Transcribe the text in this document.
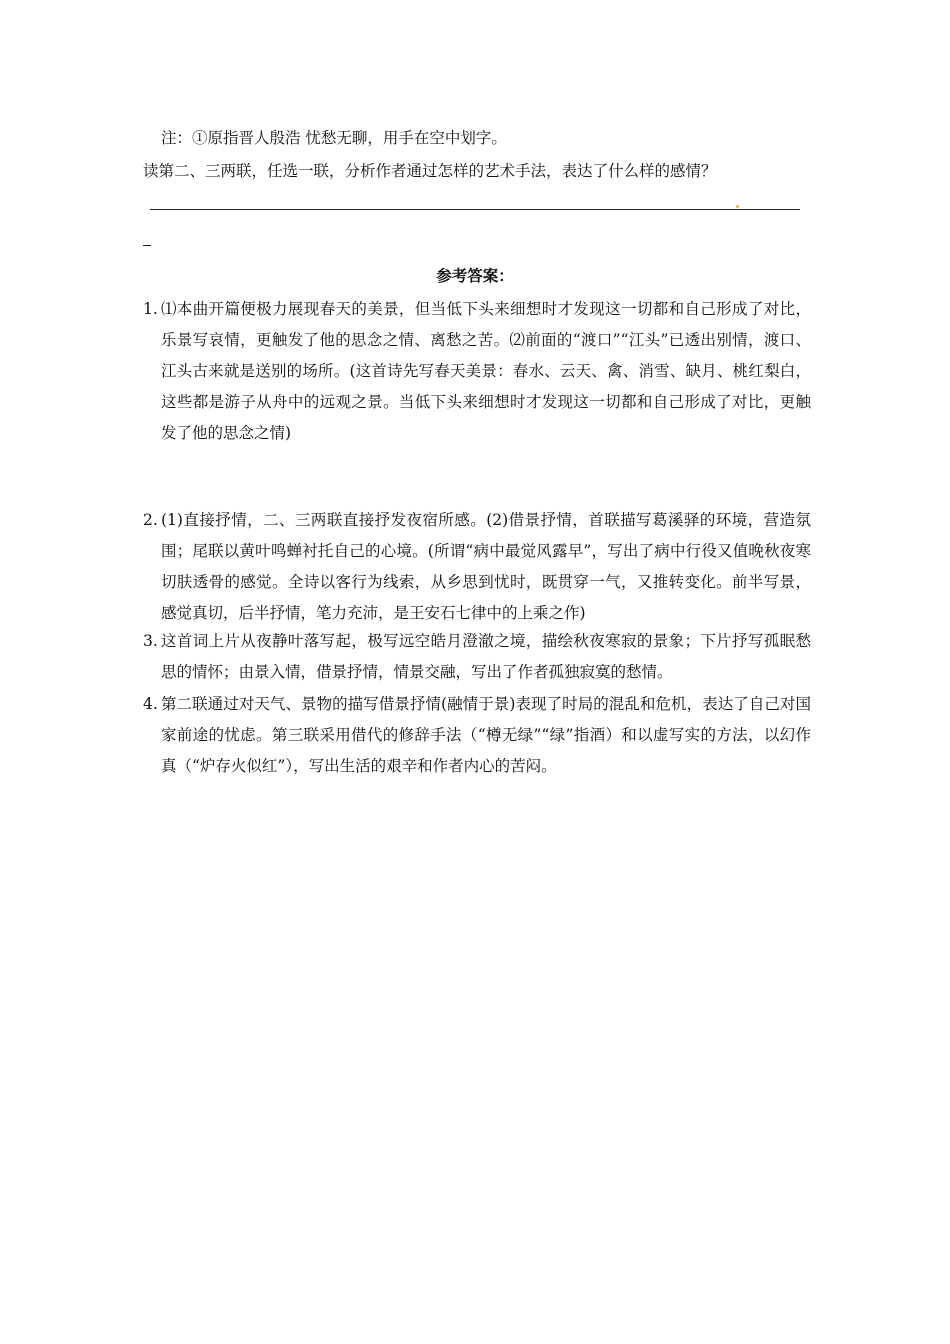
注：①原指晋人殷浩 忧愁无聊，用手在空中划字。
读第二、三两联，任选一联，分析作者通过怎样的艺术手法，表达了什么样的感情？
参考答案：
1. ⑴本曲开篇便极力展现春天的美景，但当低下头来细想时才发现这一切都和自己形成了对比，乐景写哀情，更触发了他的思念之情、离愁之苦。⑵前面的“渡口”“江头”已透出别情，渡口、江头古来就是送别的场所。(这首诗先写春天美景：春水、云天、禽、消雪、缺月、桃红梨白，这些都是游子从舟中的远观之景。当低下头来细想时才发现这一切都和自己形成了对比，更触发了他的思念之情)
2. (1)直接抒情，二、三两联直接抒发夜宿所感。(2)借景抒情，首联描写葛溪驿的环境，营造氛围；尾联以黄叶鸣蝉衬托自己的心境。(所谓“病中最觉风露早”，写出了病中行役又值晚秋夜寒切肤透骨的感觉。全诗以客行为线索，从乡思到忧时，既贯穿一气，又推转变化。前半写景，感觉真切，后半抒情，笔力充沛，是王安石七律中的上乘之作)
3. 这首词上片从夜静叶落写起，极写远空皓月澄澈之境，描绘秋夜寒寂的景象；下片抒写孤眠愁思的情怀；由景入情，借景抒情，情景交融，写出了作者孤独寂寞的愁情。
4. 第二联通过对天气、景物的描写借景抒情(融情于景)表现了时局的混乱和危机，表达了自己对国家前途的忧虑。第三联采用借代的修辞手法（“樽无绿”“绿”指酒）和以虚写实的方法，以幻作真（“炉存火似红”），写出生活的艰辛和作者内心的苦闷。
